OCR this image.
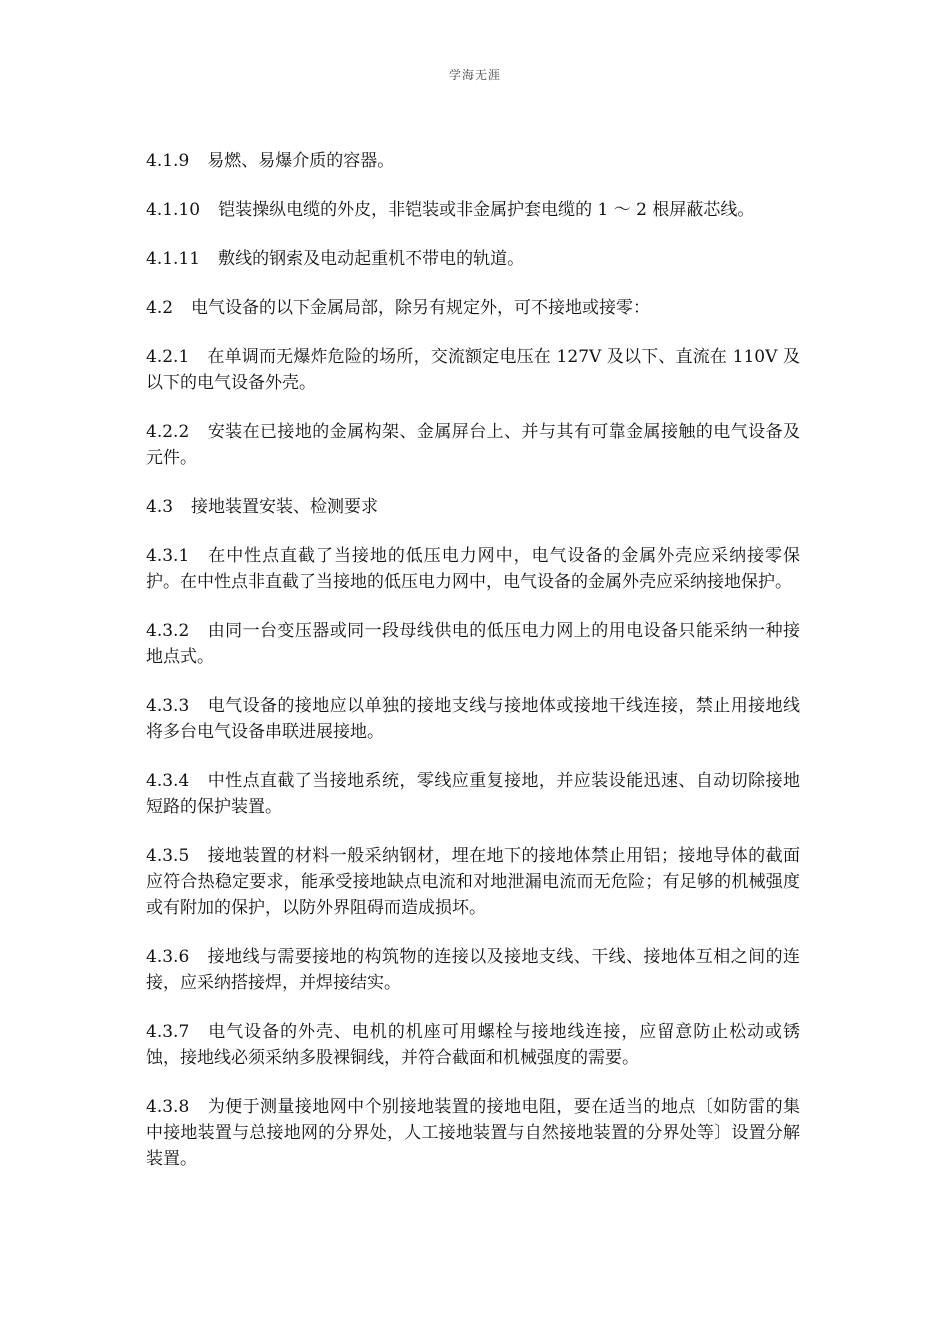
学海无涯

4.1.9 易燃、易爆介质的容器。

4.1.10 铠装操纵电缆的外皮，非铠装或非金属护套电缆的 1 ～ 2 根屏蔽芯线。

4.1.11 敷线的钢索及电动起重机不带电的轨道。

4.2 电气设备的以下金属局部，除另有规定外，可不接地或接零：

4.2.1 在单调而无爆炸危险的场所，交流额定电压在 127V 及以下、直流在 110V 及以下的电气设备外壳。

4.2.2 安装在已接地的金属构架、金属屏台上、并与其有可靠金属接触的电气设备及元件。

4.3 接地装置安装、检测要求

4.3.1 在中性点直截了当接地的低压电力网中，电气设备的金属外壳应采纳接零保护。在中性点非直截了当接地的低压电力网中，电气设备的金属外壳应采纳接地保护。

4.3.2 由同一台变压器或同一段母线供电的低压电力网上的用电设备只能采纳一种接地点式。

4.3.3 电气设备的接地应以单独的接地支线与接地体或接地干线连接，禁止用接地线将多台电气设备串联进展接地。

4.3.4 中性点直截了当接地系统，零线应重复接地，并应装设能迅速、自动切除接地短路的保护装置。

4.3.5 接地装置的材料一般采纳钢材，埋在地下的接地体禁止用铝；接地导体的截面应符合热稳定要求，能承受接地缺点电流和对地泄漏电流而无危险；有足够的机械强度或有附加的保护，以防外界阻碍而造成损坏。

4.3.6 接地线与需要接地的构筑物的连接以及接地支线、干线、接地体互相之间的连接，应采纳搭接焊，并焊接结实。

4.3.7 电气设备的外壳、电机的机座可用螺栓与接地线连接，应留意防止松动或锈蚀，接地线必须采纳多股裸铜线，并符合截面和机械强度的需要。

4.3.8 为便于测量接地网中个别接地装置的接地电阻，要在适当的地点〔如防雷的集中接地装置与总接地网的分界处，人工接地装置与自然接地装置的分界处等〕设置分解装置。
